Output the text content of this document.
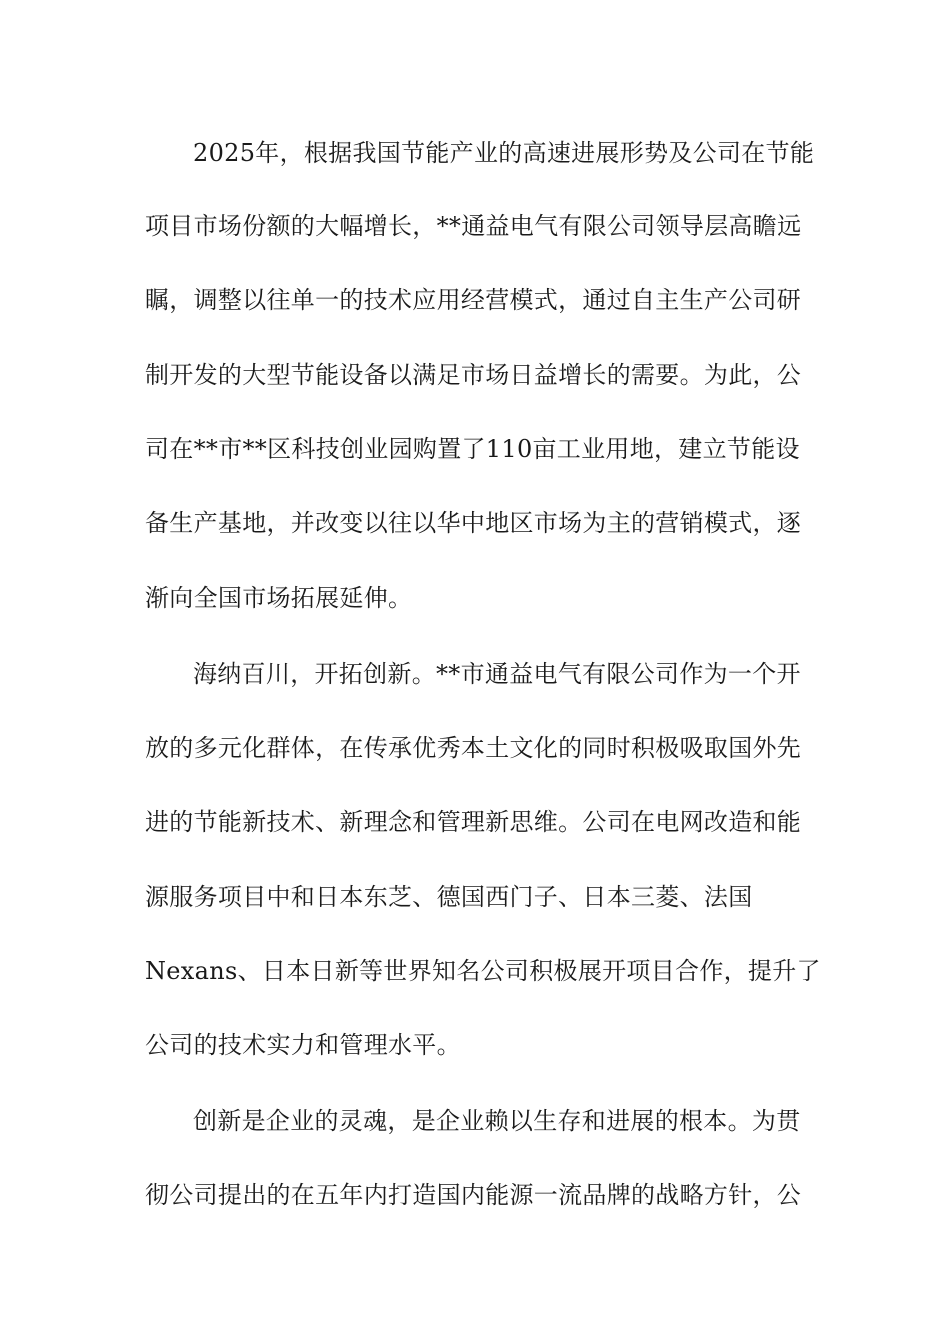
2025年，根据我国节能产业的高速进展形势及公司在节能
项目市场份额的大幅增长，**通益电气有限公司领导层高瞻远
瞩，调整以往单一的技术应用经营模式，通过自主生产公司研
制开发的大型节能设备以满足市场日益增长的需要。为此，公
司在**市**区科技创业园购置了110亩工业用地，建立节能设
备生产基地，并改变以往以华中地区市场为主的营销模式，逐
渐向全国市场拓展延伸。
海纳百川，开拓创新。**市通益电气有限公司作为一个开
放的多元化群体，在传承优秀本土文化的同时积极吸取国外先
进的节能新技术、新理念和管理新思维。公司在电网改造和能
源服务项目中和日本东芝、德国西门子、日本三菱、法国
Nexans、日本日新等世界知名公司积极展开项目合作，提升了
公司的技术实力和管理水平。
创新是企业的灵魂，是企业赖以生存和进展的根本。为贯
彻公司提出的在五年内打造国内能源一流品牌的战略方针，公
